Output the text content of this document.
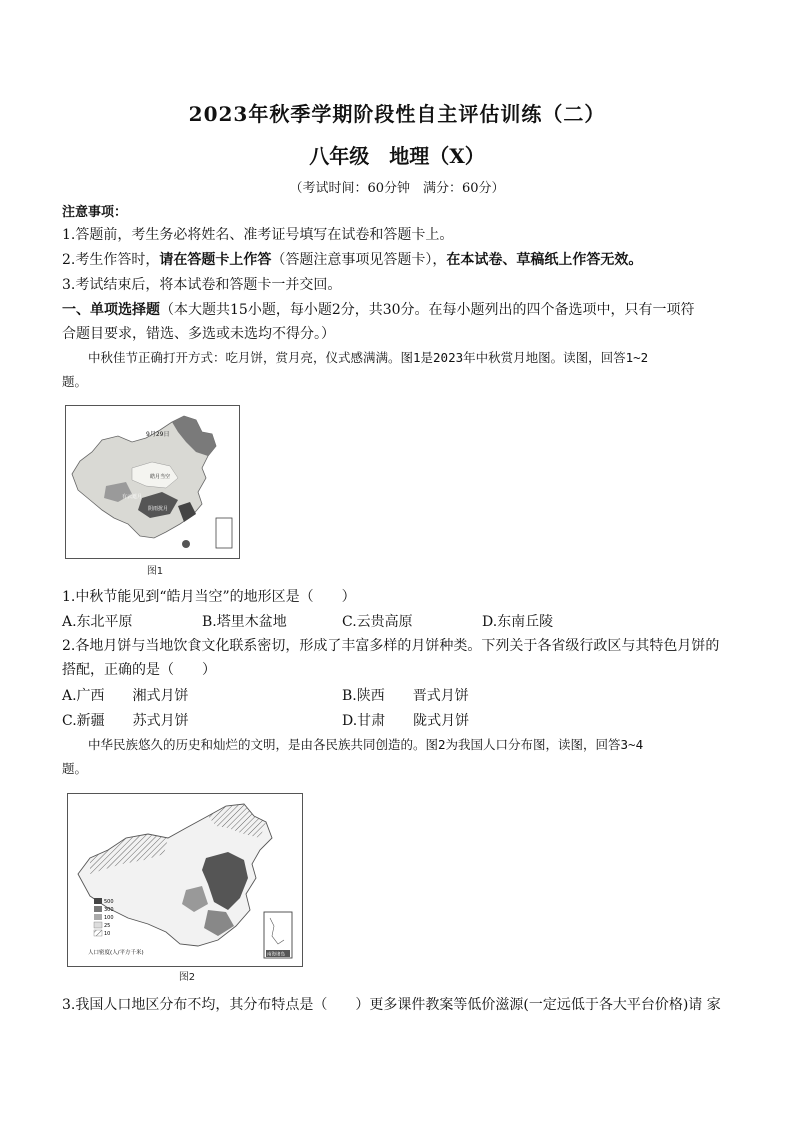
2023年秋季学期阶段性自主评估训练（二）
八年级　地理（X）
（考试时间：60分钟　满分：60分）
注意事项：
1.答题前，考生务必将姓名、准考证号填写在试卷和答题卡上。
2.考生作答时，请在答题卡上作答（答题注意事项见答题卡），在本试卷、草稿纸上作答无效。
3.考试结束后，将本试卷和答题卡一并交回。
一、单项选择题（本大题共15小题，每小题2分，共30分。在每小题列出的四个备选项中，只有一项符
合题目要求，错选、多选或未选均不得分。）
中秋佳节正确打开方式：吃月饼，赏月亮，仪式感满满。图1是2023年中秋赏月地图。读图，回答1~2
题。
9月29日
皓月当空
有云遮月
阴雨扰月
图1
1.中秋节能见到“皓月当空”的地形区是（　　）
A.东北平原	B.塔里木盆地	C.云贵高原	D.东南丘陵
2.各地月饼与当地饮食文化联系密切，形成了丰富多样的月饼种类。下列关于各省级行政区与其特色月饼的
搭配，正确的是（　　）
A.广西　　湘式月饼	B.陕西　　晋式月饼
C.新疆　　苏式月饼	D.甘肃　　陇式月饼
中华民族悠久的历史和灿烂的文明，是由各民族共同创造的。图2为我国人口分布图，读图，回答3~4
题。
500
300
100
25
10
人口密度(人/平方千米)	南海诸岛
图2
3.我国人口地区分布不均，其分布特点是（　　）更多课件教案等低价滋源(一定远低于各大平台价格)请 家
